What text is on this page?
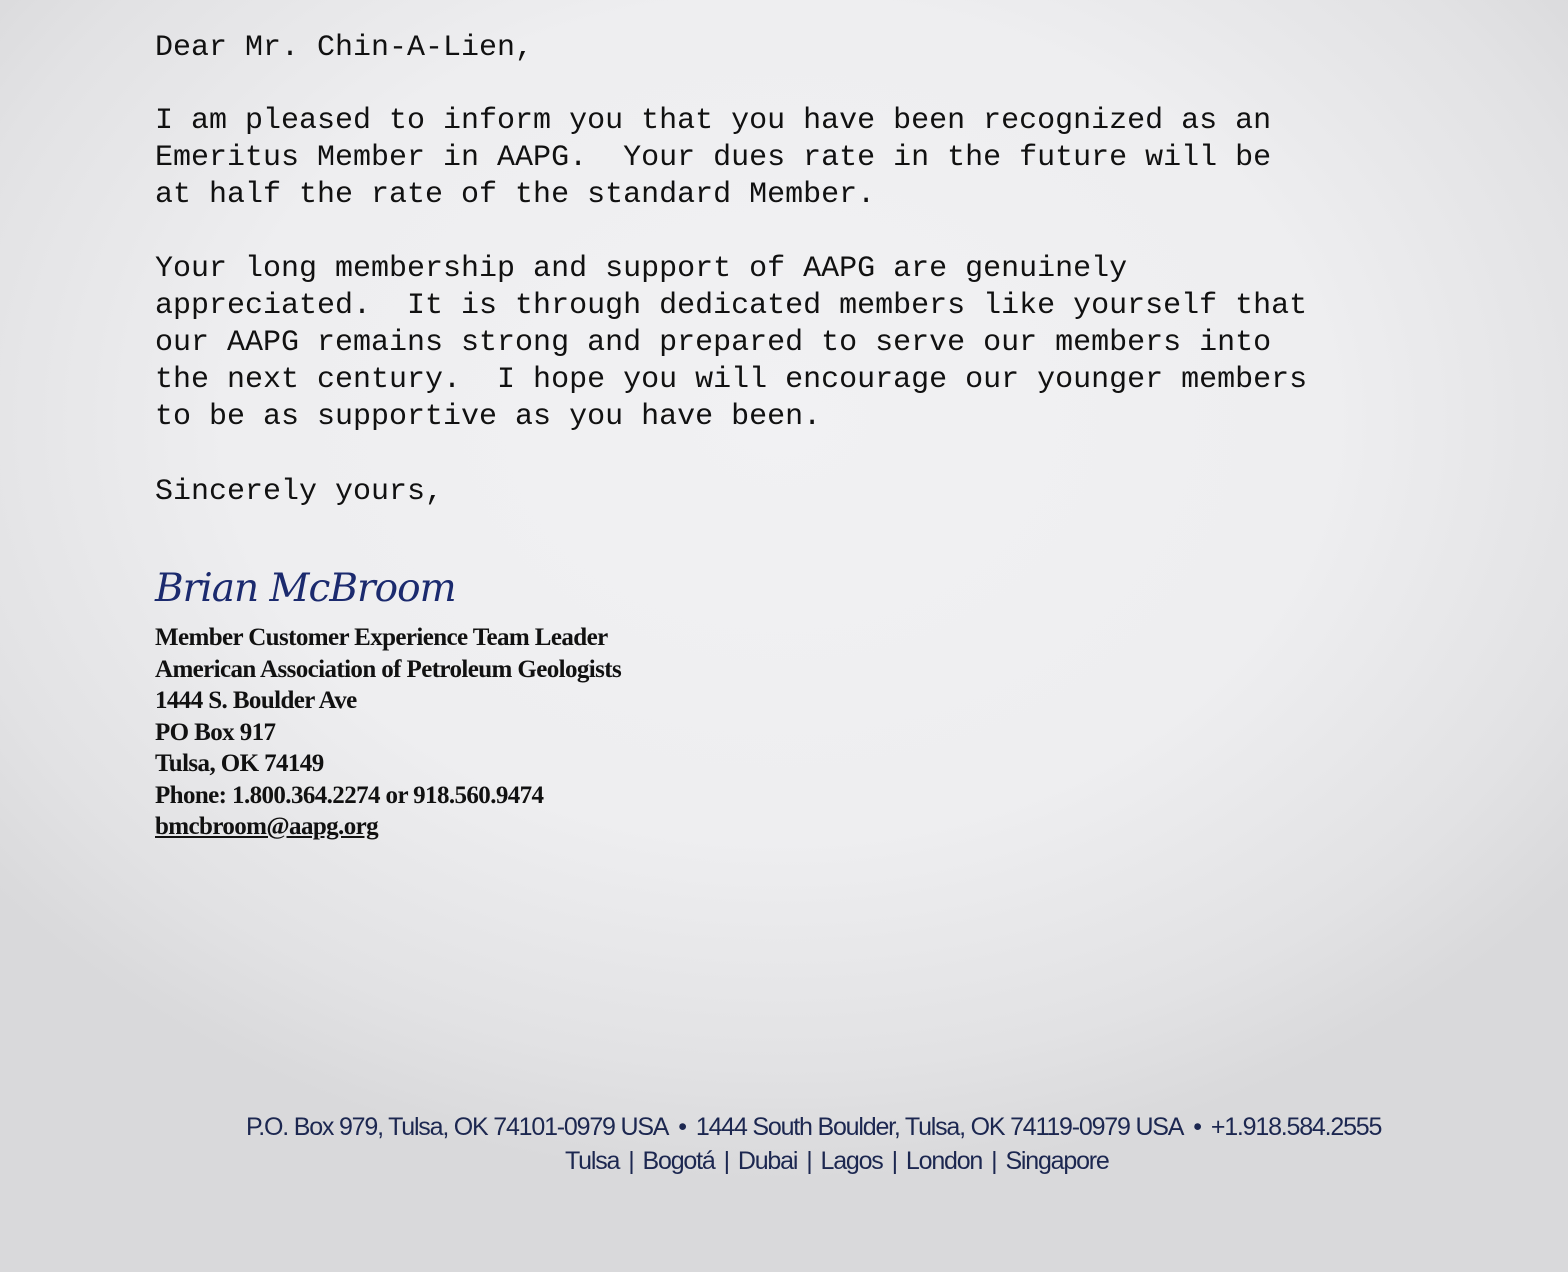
Dear Mr. Chin-A-Lien,

I am pleased to inform you that you have been recognized as an
Emeritus Member in AAPG.  Your dues rate in the future will be
at half the rate of the standard Member.

Your long membership and support of AAPG are genuinely
appreciated.  It is through dedicated members like yourself that
our AAPG remains strong and prepared to serve our members into
the next century.  I hope you will encourage our younger members
to be as supportive as you have been.

Sincerely yours,

Brian McBroom
Member Customer Experience Team Leader
American Association of Petroleum Geologists
1444 S. Boulder Ave
PO Box 917
Tulsa, OK 74149
Phone: 1.800.364.2274 or 918.560.9474
bmcbroom@aapg.org
P.O. Box 979, Tulsa, OK 74101-0979 USA • 1444 South Boulder, Tulsa, OK 74119-0979 USA • +1.918.584.2555
Tulsa | Bogotá | Dubai | Lagos | London | Singapore
